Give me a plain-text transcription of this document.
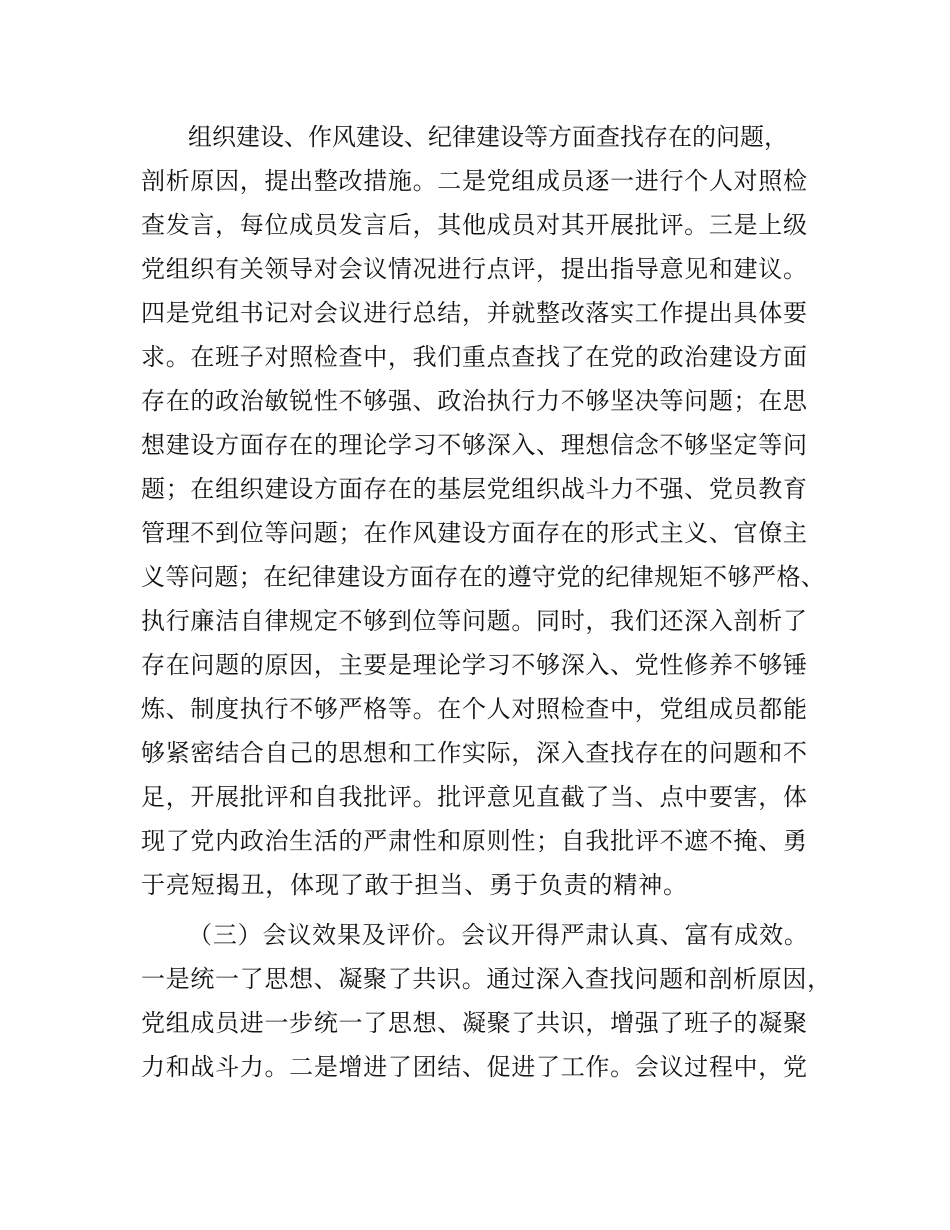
组织建设、作风建设、纪律建设等方面查找存在的问题，
剖析原因，提出整改措施。二是党组成员逐一进行个人对照检
查发言，每位成员发言后，其他成员对其开展批评。三是上级
党组织有关领导对会议情况进行点评，提出指导意见和建议。
四是党组书记对会议进行总结，并就整改落实工作提出具体要
求。在班子对照检查中，我们重点查找了在党的政治建设方面
存在的政治敏锐性不够强、政治执行力不够坚决等问题；在思
想建设方面存在的理论学习不够深入、理想信念不够坚定等问
题；在组织建设方面存在的基层党组织战斗力不强、党员教育
管理不到位等问题；在作风建设方面存在的形式主义、官僚主
义等问题；在纪律建设方面存在的遵守党的纪律规矩不够严格、
执行廉洁自律规定不够到位等问题。同时，我们还深入剖析了
存在问题的原因，主要是理论学习不够深入、党性修养不够锤
炼、制度执行不够严格等。在个人对照检查中，党组成员都能
够紧密结合自己的思想和工作实际，深入查找存在的问题和不
足，开展批评和自我批评。批评意见直截了当、点中要害，体
现了党内政治生活的严肃性和原则性；自我批评不遮不掩、勇
于亮短揭丑，体现了敢于担当、勇于负责的精神。
（三）会议效果及评价。会议开得严肃认真、富有成效。
一是统一了思想、凝聚了共识。通过深入查找问题和剖析原因，
党组成员进一步统一了思想、凝聚了共识，增强了班子的凝聚
力和战斗力。二是增进了团结、促进了工作。会议过程中，党
